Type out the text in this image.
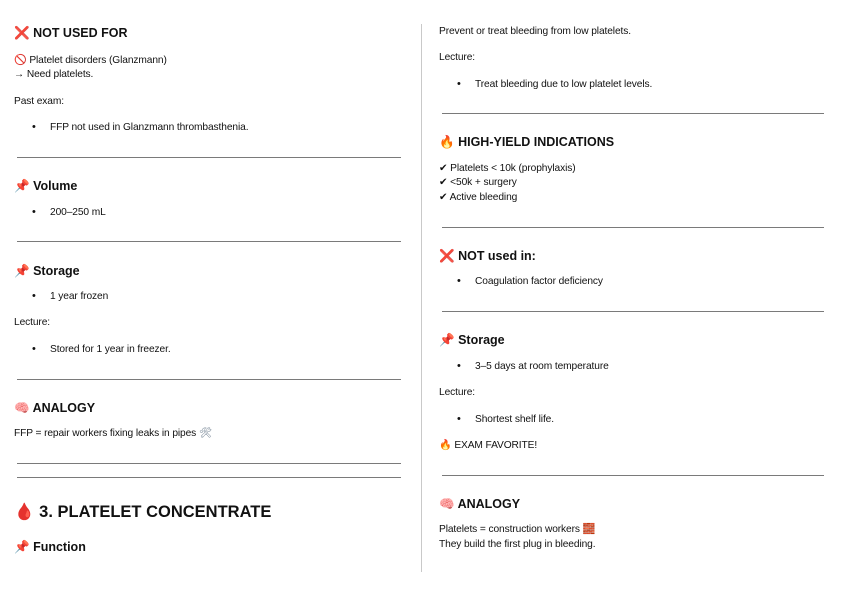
❌ NOT USED FOR
🚫 Platelet disorders (Glanzmann)
→ Need platelets.
Past exam:
• FFP not used in Glanzmann thrombasthenia.
📌 Volume
• 200–250 mL
📌 Storage
• 1 year frozen
Lecture:
• Stored for 1 year in freezer.
🧠 ANALOGY
FFP = repair workers fixing leaks in pipes 🛠
🩸 3. PLATELET CONCENTRATE
📌 Function
Prevent or treat bleeding from low platelets.
Lecture:
• Treat bleeding due to low platelet levels.
🔥 HIGH-YIELD INDICATIONS
✔ Platelets < 10k (prophylaxis)
✔ <50k + surgery
✔ Active bleeding
❌ NOT used in:
• Coagulation factor deficiency
📌 Storage
• 3–5 days at room temperature
Lecture:
• Shortest shelf life.
🔥 EXAM FAVORITE!
🧠 ANALOGY
Platelets = construction workers 🧱
They build the first plug in bleeding.
